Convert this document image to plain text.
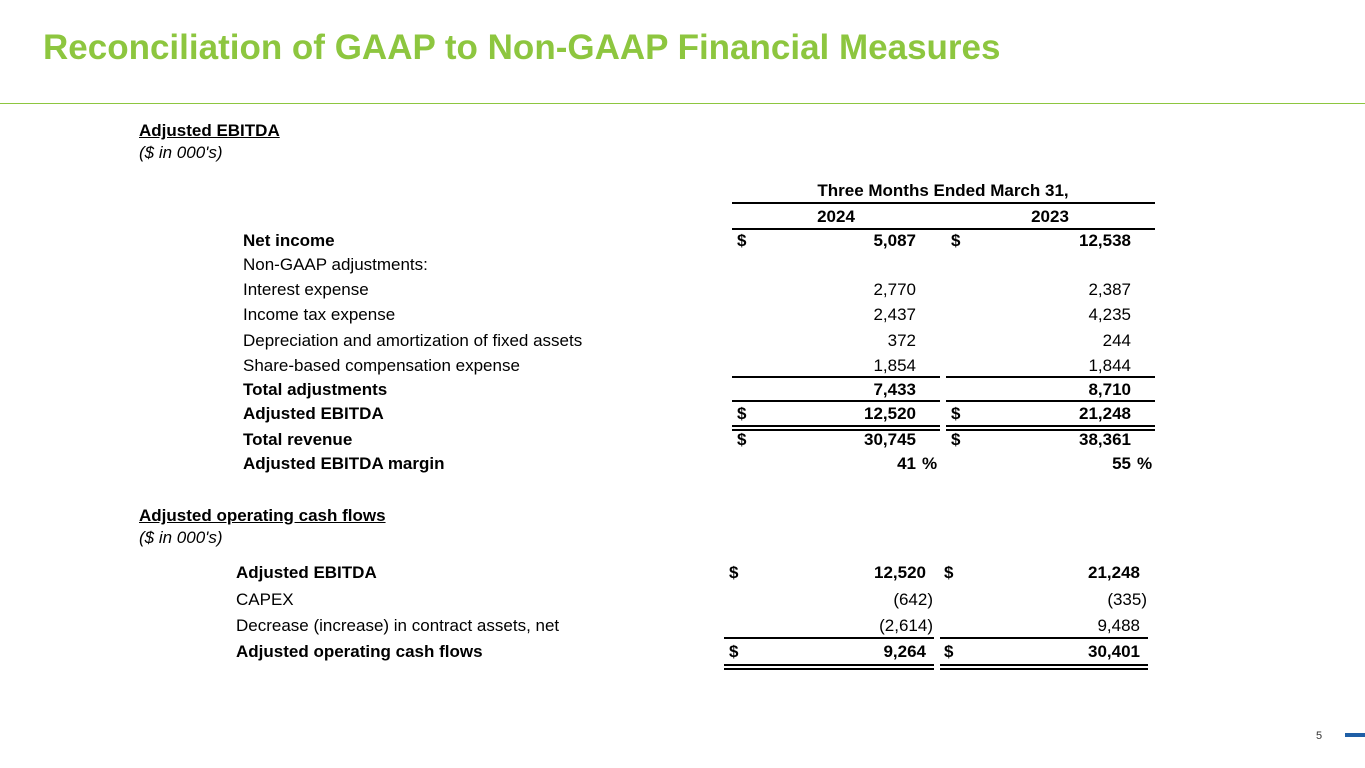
Reconciliation of GAAP to Non-GAAP Financial Measures
Adjusted EBITDA
($ in 000's)
Three Months Ended March 31,
2024	2023
Net income	$	5,087 $	12,538
Non-GAAP adjustments:
Interest expense	2,770	2,387
Income tax expense	2,437	4,235
Depreciation and amortization of fixed assets	372	244
Share-based compensation expense	1,854	1,844
Total adjustments	7,433	8,710
Adjusted EBITDA	$	12,520 $	21,248
Total revenue	$	30,745 $	38,361
Adjusted EBITDA margin	41 %	55 %
Adjusted operating cash flows
($ in 000's)
Adjusted EBITDA	$	12,520 $	21,248
CAPEX	(642)	(335)
Decrease (increase) in contract assets, net	(2,614)	9,488
Adjusted operating cash flows	$	9,264 $	30,401
5
